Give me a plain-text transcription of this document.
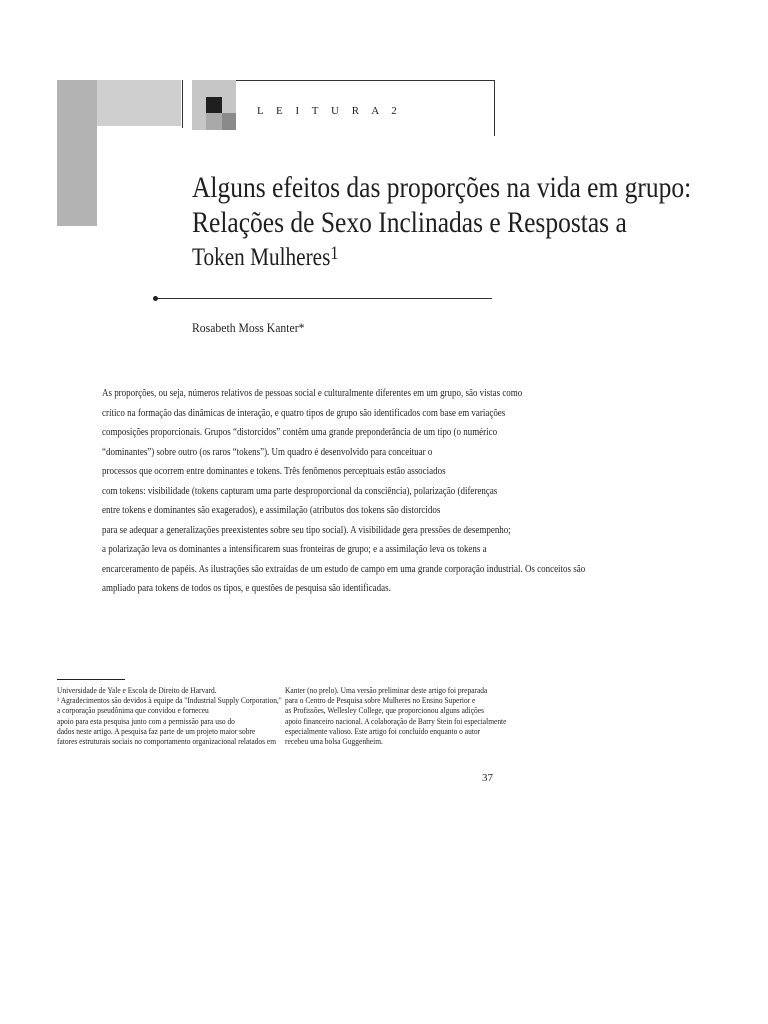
L E I T U R A 2
Alguns efeitos das proporções na vida em grupo:
Relações de Sexo Inclinadas e Respostas a
Token Mulheres$^1$
Rosabeth Moss Kanter*
As proporções, ou seja, números relativos de pessoas social e culturalmente diferentes em um grupo, são vistas como
crítico na formação das dinâmicas de interação, e quatro tipos de grupo são identificados com base em variações
composições proporcionais. Grupos “distorcidos” contêm uma grande preponderância de um tipo (o numérico
“dominantes”) sobre outro (os raros “tokens”). Um quadro é desenvolvido para conceituar o
processos que ocorrem entre dominantes e tokens. Três fenômenos perceptuais estão associados
com tokens: visibilidade (tokens capturam uma parte desproporcional da consciência), polarização (diferenças
entre tokens e dominantes são exagerados), e assimilação (atributos dos tokens são distorcidos
para se adequar a generalizações preexistentes sobre seu tipo social). A visibilidade gera pressões de desempenho;
a polarização leva os dominantes a intensificarem suas fronteiras de grupo; e a assimilação leva os tokens a
encarceramento de papéis. As ilustrações são extraídas de um estudo de campo em uma grande corporação industrial. Os conceitos são
ampliado para tokens de todos os tipos, e questões de pesquisa são identificadas.
Universidade de Yale e Escola de Direito de Harvard.
¹ Agradecimentos são devidos à equipe da "Industrial Supply Corporation,"
a corporação pseudônima que convidou e forneceu
apoio para esta pesquisa junto com a permissão para uso do
dados neste artigo. A pesquisa faz parte de um projeto maior sobre
fatores estruturais sociais no comportamento organizacional relatados em
Kanter (no prelo). Uma versão preliminar deste artigo foi preparada
para o Centro de Pesquisa sobre Mulheres no Ensino Superior e
as Profissões, Wellesley College, que proporcionou alguns adições
apoio financeiro nacional. A colaboração de Barry Stein foi especialmente
especialmente valioso. Este artigo foi concluído enquanto o autor
recebeu uma bolsa Guggenheim.
37
